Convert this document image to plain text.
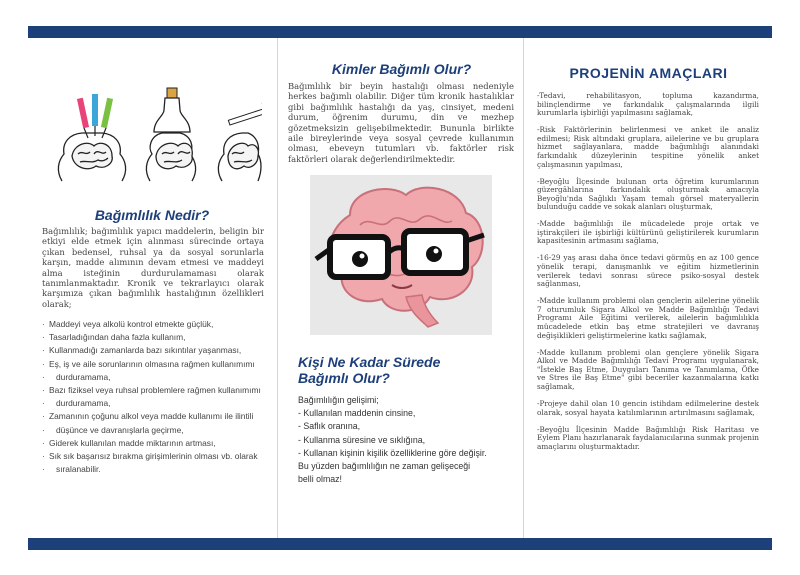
Bağımlılık Nedir?

Bağımlılık; bağımlılık yapıcı maddelerin, beligin bir etkiyi elde etmek için alınması sürecinde ortaya çıkan bedensel, ruhsal ya da sosyal sorunlarla karşın, madde alımının devam etmesi ve maddeyi alma isteğinin durdurulamaması olarak tanımlanmaktadır. Kronik ve tekrarlayıcı olarak karşımıza çıkan bağımlılık hastalığının özellikleri olarak;

· Maddeyi veya alkolü kontrol etmekte güçlük,
· Tasarladığından daha fazla kullanım,
· Kullanmadığı zamanlarda bazı sıkıntılar yaşanması,
· Eş, iş ve aile sorunlarının olmasına rağmen kullanımımı
· durduramama,
· Bazı fiziksel veya ruhsal problemlere rağmen kullanımımı
· durduramama,
· Zamanının çoğunu alkol veya madde kullanımı ile ilintili
· düşünce ve davranışlarla geçirme,
· Giderek kullanılan madde miktarının artması,
· Sık sık başarısız bırakma girişimlerinin olması vb. olarak
· sıralanabilir.
Kimler Bağımlı Olur?

Bağımlılık bir beyin hastalığı olması nedeniyle herkes bağımlı olabilir. Diğer tüm kronik hastalıklar gibi bağımlılık hastalığı da yaş, cinsiyet, medeni durum, öğrenim durumu, din ve mezhep gözetmeksizin gelişebilmektedir. Bununla birlikte aile bireylerinde veya sosyal çevrede kullanımın olması, ebeveyn tutumları vb. faktörler risk faktörleri olarak değerlendirilmektedir.

Kişi Ne Kadar Sürede
Bağımlı Olur?
Bağımlılığın gelişimi;
- Kullanılan maddenin cinsine,
- Saflık oranına,
- Kullanma süresine ve sıklığına,
- Kullanan kişinin kişilik özelliklerine göre değişir.
Bu yüzden bağımlılığın ne zaman gelişeceği
belli olmaz!
PROJENİN AMAÇLARI
-Tedavi, rehabilitasyon, topluma kazandırma, bilinçlendirme ve farkındalık çalışmalarında ilgili kurumlarla işbirliği yapılmasını sağlamak,
-Risk Faktörlerinin belirlenmesi ve anket ile analiz edilmesi; Risk altındaki gruplara, ailelerine ve bu gruplara hizmet sağlayanlara, madde bağımlılığı alanındaki farkındalık düzeylerinin tespitine yönelik anket çalışmasının yapılması,
-Beyoğlu İlçesinde bulunan orta öğretim kurumlarının güzergâhlarına farkındalık oluşturmak amacıyla Beyoğlu'nda Sağlıklı Yaşam temalı görsel materyallerin bulunduğu cadde ve sokak alanları oluşturmak,
-Madde bağımlılığı ile mücadelede proje ortak ve iştirakçileri ile işbirliği kültürünü geliştirilerek kurumların kapasitesinin artmasını sağlama,
-16-29 yaş arası daha önce tedavi görmüş en az 100 gence yönelik terapi, danışmanlık ve eğitim hizmetlerinin verilerek tedavi sonrası sürece psiko-sosyal destek sağlanması,
-Madde kullanım problemi olan gençlerin ailelerine yönelik 7 oturumluk Sigara Alkol ve Madde Bağımlılığı Tedavi Programı Aile Eğitimi verilerek, ailelerin bağımlılıkla mücadelede etkin baş etme stratejileri ve davranış değişiklikleri geliştirmelerine katkı sağlamak,
-Madde kullanım problemi olan gençlere yönelik Sigara Alkol ve Madde Bağımlılığı Tedavi Programı uygulanarak, "İstekle Baş Etme, Duyguları Tanıma ve Tanımlama, Öfke ve Stres ile Baş Etme" gibi beceriler kazanmalarına katkı sağlamak,
-Projeye dahil olan 10 gencin istihdam edilmelerine destek olarak, sosyal hayata katılımlarının artırılmasını sağlamak,
-Beyoğlu İlçesinin Madde Bağımlılığı Risk Haritası ve Eylem Planı hazırlanarak faydalanıcılarına sunmak projenin amaçlarını oluşturmaktadır.
